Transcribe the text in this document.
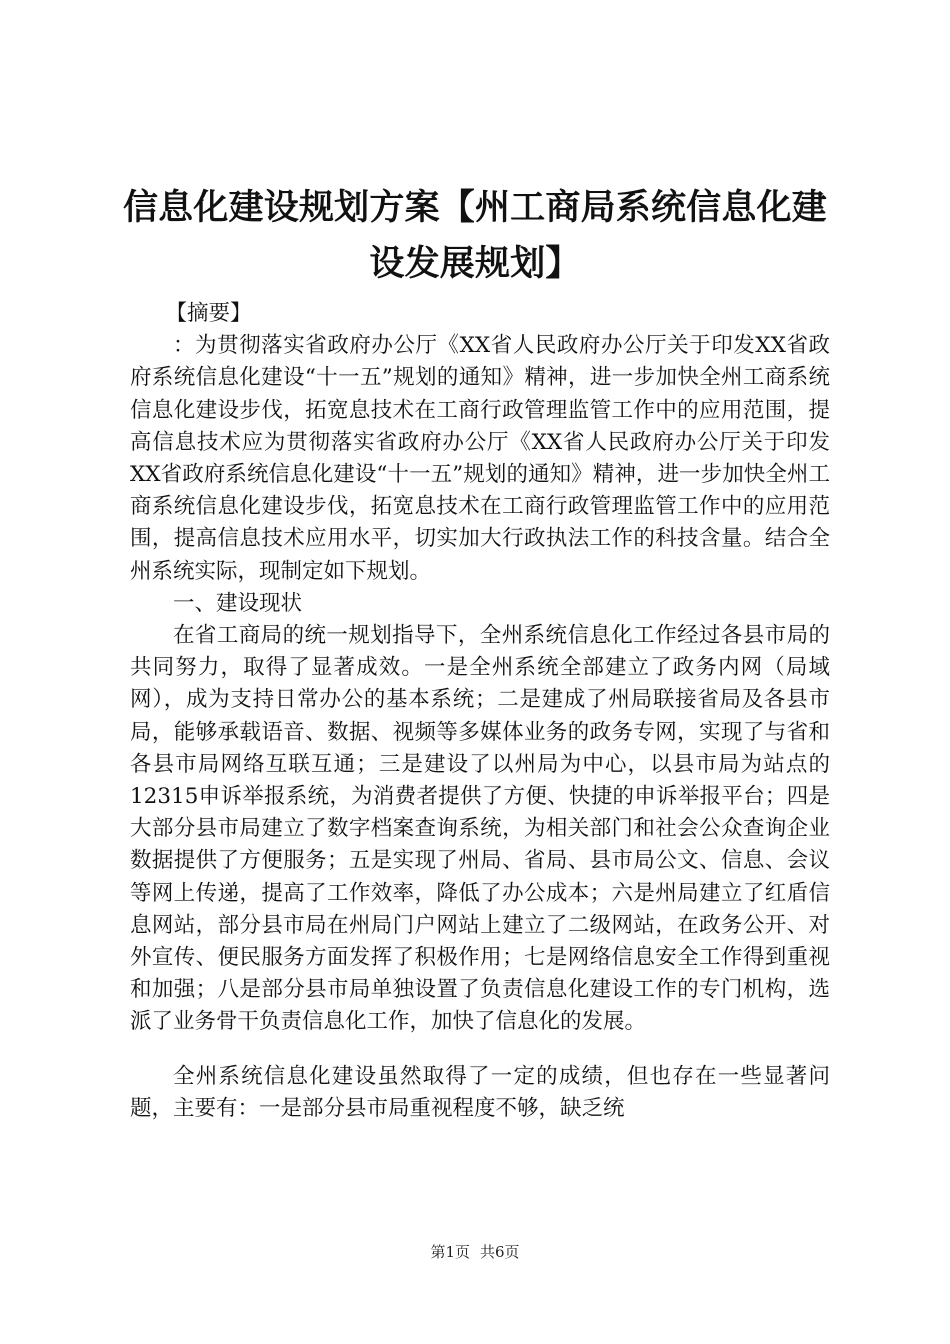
信息化建设规划方案【州工商局系统信息化建设发展规划】

【摘要】

：为贯彻落实省政府办公厅《XX省人民政府办公厅关于印发XX省政府系统信息化建设“十一五”规划的通知》精神，进一步加快全州工商系统信息化建设步伐，拓宽息技术在工商行政管理监管工作中的应用范围，提高信息技术应为贯彻落实省政府办公厅《XX省人民政府办公厅关于印发XX省政府系统信息化建设“十一五”规划的通知》精神，进一步加快全州工商系统信息化建设步伐，拓宽息技术在工商行政管理监管工作中的应用范围，提高信息技术应用水平，切实加大行政执法工作的科技含量。结合全州系统实际，现制定如下规划。

一、建设现状

在省工商局的统一规划指导下，全州系统信息化工作经过各县市局的共同努力，取得了显著成效。一是全州系统全部建立了政务内网（局域网），成为支持日常办公的基本系统；二是建成了州局联接省局及各县市局，能够承载语音、数据、视频等多媒体业务的政务专网，实现了与省和各县市局网络互联互通；三是建设了以州局为中心，以县市局为站点的12315申诉举报系统，为消费者提供了方便、快捷的申诉举报平台；四是大部分县市局建立了数字档案查询系统，为相关部门和社会公众查询企业数据提供了方便服务；五是实现了州局、省局、县市局公文、信息、会议等网上传递，提高了工作效率，降低了办公成本；六是州局建立了红盾信息网站，部分县市局在州局门户网站上建立了二级网站，在政务公开、对外宣传、便民服务方面发挥了积极作用；七是网络信息安全工作得到重视和加强；八是部分县市局单独设置了负责信息化建设工作的专门机构，选派了业务骨干负责信息化工作，加快了信息化的发展。

全州系统信息化建设虽然取得了一定的成绩，但也存在一些显著问题，主要有：一是部分县市局重视程度不够，缺乏统

第1页 共6页
